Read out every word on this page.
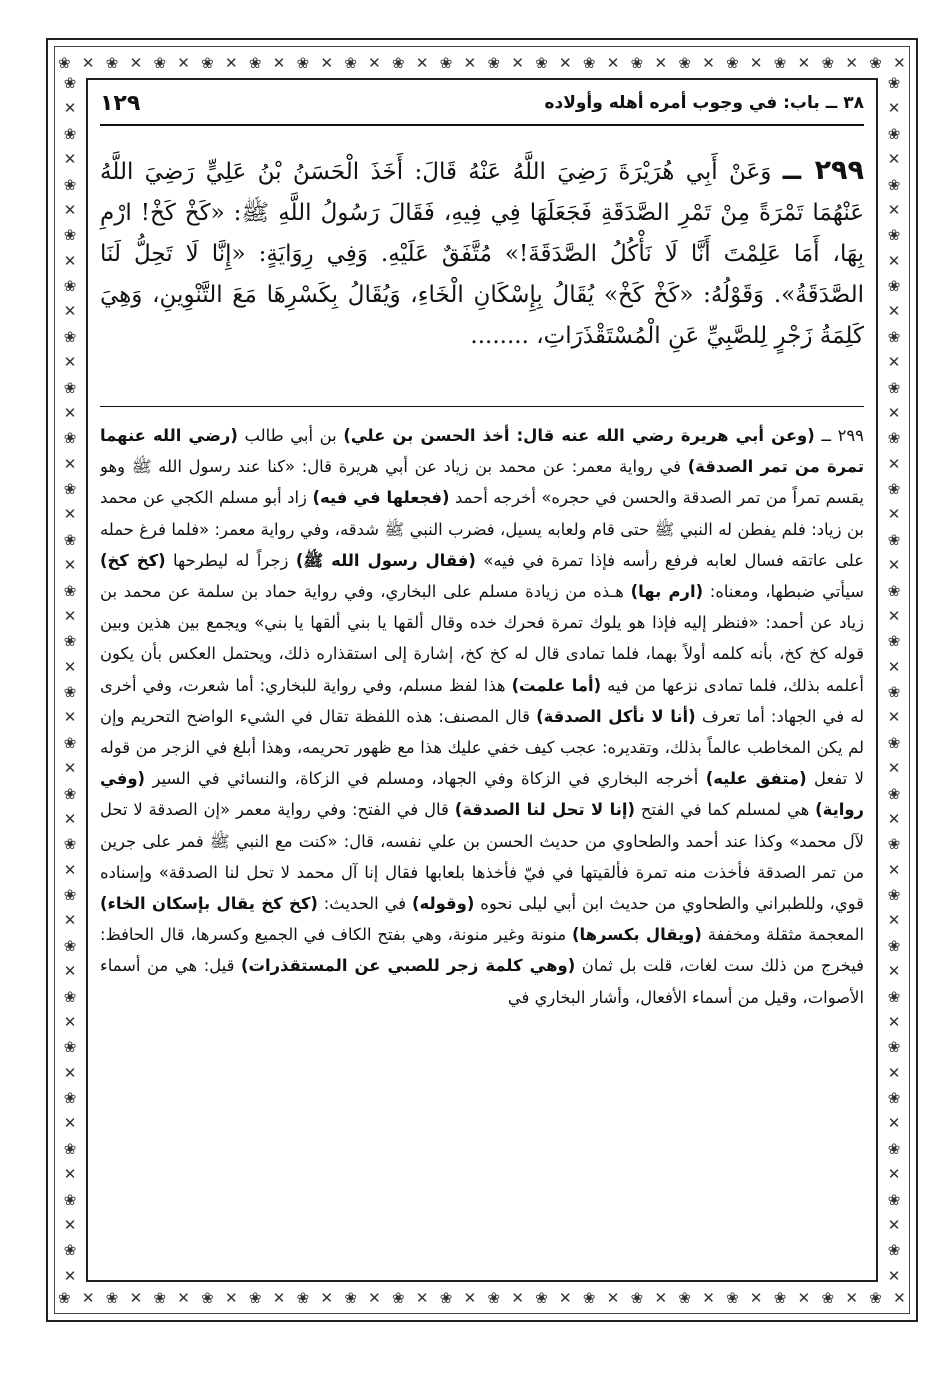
❀ ✕ ❀ ✕ ❀ ✕ ❀ ✕ ❀ ✕ ❀ ✕ ❀ ✕ ❀ ✕ ❀ ✕ ❀ ✕ ❀ ✕ ❀ ✕ ❀ ✕ ❀ ✕ ❀ ✕ ❀ ✕ ❀ ✕ ❀ ✕
❀ ✕ ❀ ✕ ❀ ✕ ❀ ✕ ❀ ✕ ❀ ✕ ❀ ✕ ❀ ✕ ❀ ✕ ❀ ✕ ❀ ✕ ❀ ✕ ❀ ✕ ❀ ✕ ❀ ✕ ❀ ✕ ❀ ✕ ❀ ✕
❀
✕
❀
✕
❀
✕
❀
✕
❀
✕
❀
✕
❀
✕
❀
✕
❀
✕
❀
✕
❀
✕
❀
✕
❀
✕
❀
✕
❀
✕
❀
✕
❀
✕
❀
✕
❀
✕
❀
✕
❀
✕
❀
✕
❀
✕
❀
✕
❀
✕
❀
✕
❀
✕
❀
✕
❀
✕
❀
✕
❀
✕
❀
✕
❀
✕
❀
✕
❀
✕
❀
✕
❀
✕
❀
✕
❀
✕
❀
✕
❀
✕
❀
✕
❀
✕
❀
✕
❀
✕
❀
✕
❀
✕
❀
✕
١٢٩	٣٨ ــ باب: في وجوب أمره أهله وأولاده
٢٩٩ ــ وَعَنْ أَبِي هُرَيْرَةَ رَضِيَ اللَّهُ عَنْهُ قَالَ: أَخَذَ الْحَسَنُ بْنُ عَلِيٍّ رَضِيَ اللَّهُ عَنْهُمَا تَمْرَةً مِنْ تَمْرِ الصَّدَقَةِ فَجَعَلَهَا فِي فِيهِ، فَقَالَ رَسُولُ اللَّهِ ﷺ: «كَخْ كَخْ! ارْمِ بِهَا، أَمَا عَلِمْتَ أَنَّا لَا نَأْكُلُ الصَّدَقَةَ!» مُتَّفَقٌ عَلَيْهِ. وَفِي رِوَايَةٍ: «إِنَّا لَا تَحِلُّ لَنَا الصَّدَقَةُ». وَقَوْلُهُ: «كَخْ كَخْ» يُقَالُ بِإِسْكَانِ الْخَاءِ، وَيُقَالُ بِكَسْرِهَا مَعَ التَّنْوِينِ، وَهِيَ كَلِمَةُ زَجْرٍ لِلصَّبِيِّ عَنِ الْمُسْتَقْذَرَاتِ، ........
٢٩٩ ــ (وعن أبي هريرة رضي الله عنه قال: أخذ الحسن بن علي) بن أبي طالب (رضي الله عنهما تمرة من تمر الصدقة) في رواية معمر: عن محمد بن زياد عن أبي هريرة قال: «كنا عند رسول الله ﷺ وهو يقسم تمراً من تمر الصدقة والحسن في حجره» أخرجه أحمد (فجعلها في فيه) زاد أبو مسلم الكجي عن محمد بن زياد: فلم يفطن له النبي ﷺ حتى قام ولعابه يسيل، فضرب النبي ﷺ شدقه، وفي رواية معمر: «فلما فرغ حمله على عاتقه فسال لعابه فرفع رأسه فإذا تمرة في فيه» (فقال رسول الله ﷺ) زجراً له ليطرحها (كخ كخ) سيأتي ضبطها، ومعناه: (ارم بها) هـذه من زيادة مسلم على البخاري، وفي رواية حماد بن سلمة عن محمد بن زياد عن أحمد: «فنظر إليه فإذا هو يلوك تمرة فحرك خده وقال ألقها يا بني ألقها يا بني» ويجمع بين هذين وبين قوله كخ كخ، بأنه كلمه أولاً بهما، فلما تمادى قال له كخ كخ، إشارة إلى استقذاره ذلك، ويحتمل العكس بأن يكون أعلمه بذلك، فلما تمادى نزعها من فيه (أما علمت) هذا لفظ مسلم، وفي رواية للبخاري: أما شعرت، وفي أخرى له في الجهاد: أما تعرف (أنا لا نأكل الصدقة) قال المصنف: هذه اللفظة تقال في الشيء الواضح التحريم وإن لم يكن المخاطب عالماً بذلك، وتقديره: عجب كيف خفي عليك هذا مع ظهور تحريمه، وهذا أبلغ في الزجر من قوله لا تفعل (متفق عليه) أخرجه البخاري في الزكاة وفي الجهاد، ومسلم في الزكاة، والنسائي في السير (وفي رواية) هي لمسلم كما في الفتح (إنا لا تحل لنا الصدقة) قال في الفتح: وفي رواية معمر «إن الصدقة لا تحل لآل محمد» وكذا عند أحمد والطحاوي من حديث الحسن بن علي نفسه، قال: «كنت مع النبي ﷺ فمر على جرين من تمر الصدقة فأخذت منه تمرة فألقيتها في فيّ فأخذها بلعابها فقال إنا آل محمد لا تحل لنا الصدقة» وإسناده قوي، وللطبراني والطحاوي من حديث ابن أبي ليلى نحوه (وقوله) في الحديث: (كخ كخ يقال بإسكان الخاء) المعجمة مثقلة ومخففة (ويقال بكسرها) منونة وغير منونة، وهي بفتح الكاف في الجميع وكسرها، قال الحافظ: فيخرج من ذلك ست لغات، قلت بل ثمان (وهي كلمة زجر للصبي عن المستقذرات) قيل: هي من أسماء الأصوات، وقيل من أسماء الأفعال، وأشار البخاري في
